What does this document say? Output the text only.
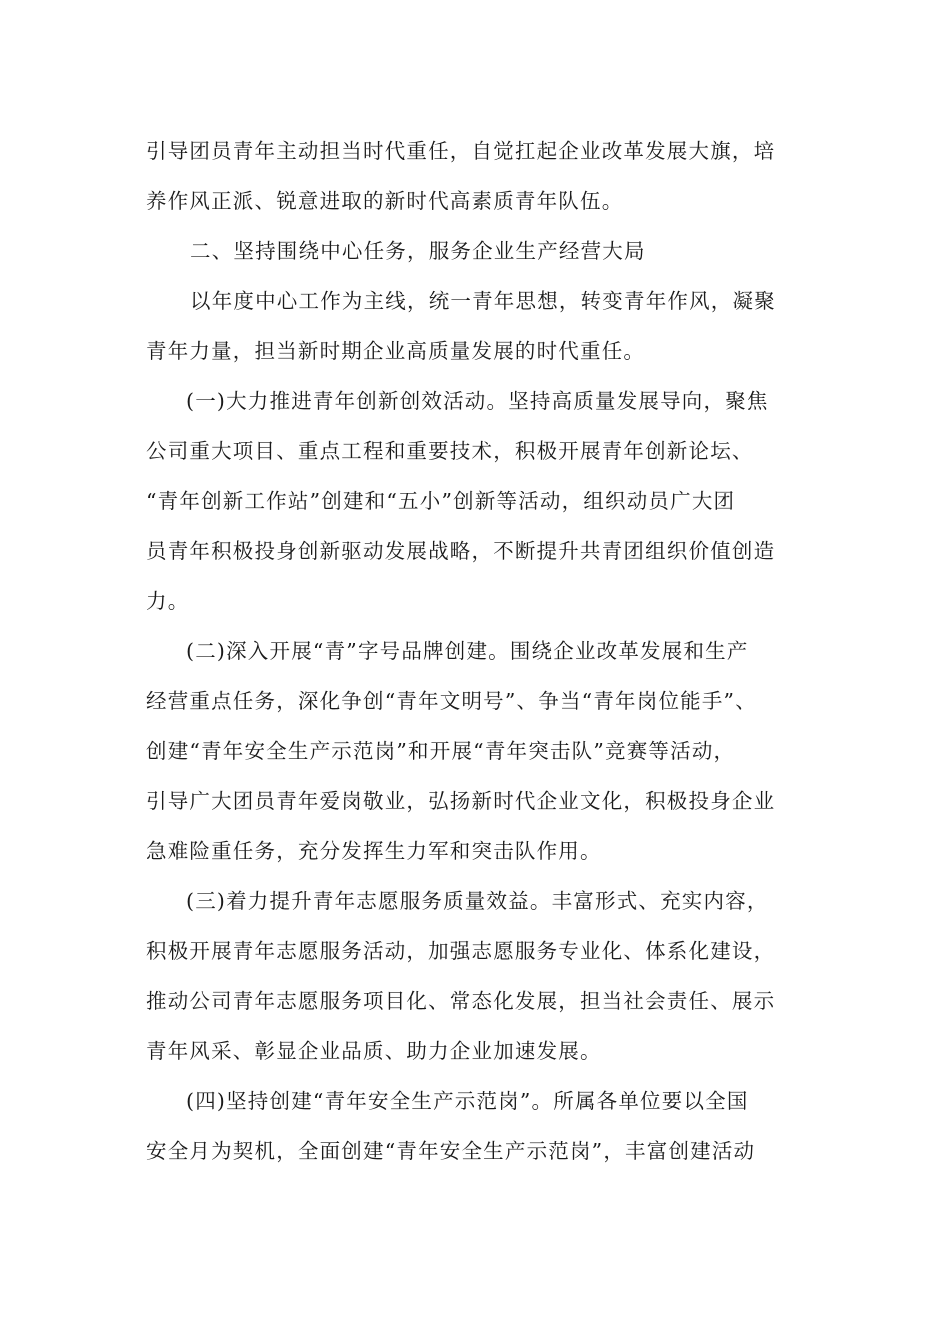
引导团员青年主动担当时代重任，自觉扛起企业改革发展大旗，培

养作风正派、锐意进取的新时代高素质青年队伍。

二、坚持围绕中心任务，服务企业生产经营大局

以年度中心工作为主线，统一青年思想，转变青年作风，凝聚

青年力量，担当新时期企业高质量发展的时代重任。

(一)大力推进青年创新创效活动。坚持高质量发展导向，聚焦

公司重大项目、重点工程和重要技术，积极开展青年创新论坛、

“青年创新工作站”创建和“五小”创新等活动，组织动员广大团

员青年积极投身创新驱动发展战略，不断提升共青团组织价值创造

力。

(二)深入开展“青”字号品牌创建。围绕企业改革发展和生产

经营重点任务，深化争创“青年文明号”、争当“青年岗位能手”、

创建“青年安全生产示范岗”和开展“青年突击队”竞赛等活动，

引导广大团员青年爱岗敬业，弘扬新时代企业文化，积极投身企业

急难险重任务，充分发挥生力军和突击队作用。

(三)着力提升青年志愿服务质量效益。丰富形式、充实内容，

积极开展青年志愿服务活动，加强志愿服务专业化、体系化建设，

推动公司青年志愿服务项目化、常态化发展，担当社会责任、展示

青年风采、彰显企业品质、助力企业加速发展。

(四)坚持创建“青年安全生产示范岗”。所属各单位要以全国

安全月为契机，全面创建“青年安全生产示范岗”，丰富创建活动
